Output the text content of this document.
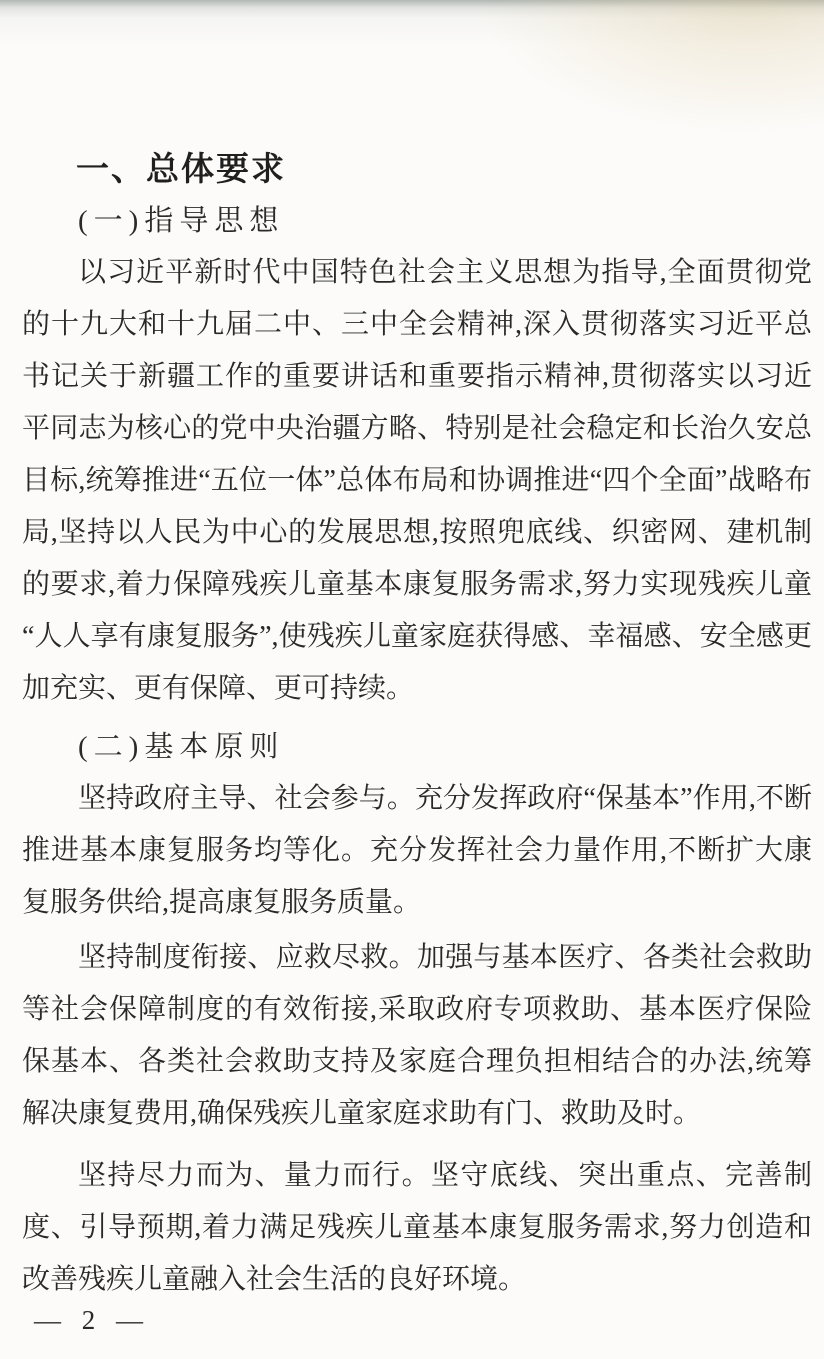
一、总体要求
(一)指导思想

以习近平新时代中国特色社会主义思想为指导,全面贯彻党的十九大和十九届二中、三中全会精神,深入贯彻落实习近平总书记关于新疆工作的重要讲话和重要指示精神,贯彻落实以习近平同志为核心的党中央治疆方略、特别是社会稳定和长治久安总目标,统筹推进“五位一体”总体布局和协调推进“四个全面”战略布局,坚持以人民为中心的发展思想,按照兜底线、织密网、建机制的要求,着力保障残疾儿童基本康复服务需求,努力实现残疾儿童“人人享有康复服务”,使残疾儿童家庭获得感、幸福感、安全感更加充实、更有保障、更可持续。

(二)基本原则

坚持政府主导、社会参与。充分发挥政府“保基本”作用,不断推进基本康复服务均等化。充分发挥社会力量作用,不断扩大康复服务供给,提高康复服务质量。

坚持制度衔接、应救尽救。加强与基本医疗、各类社会救助等社会保障制度的有效衔接,采取政府专项救助、基本医疗保险保基本、各类社会救助支持及家庭合理负担相结合的办法,统筹解决康复费用,确保残疾儿童家庭求助有门、救助及时。

坚持尽力而为、量力而行。坚守底线、突出重点、完善制度、引导预期,着力满足残疾儿童基本康复服务需求,努力创造和改善残疾儿童融入社会生活的良好环境。

— 2 —
